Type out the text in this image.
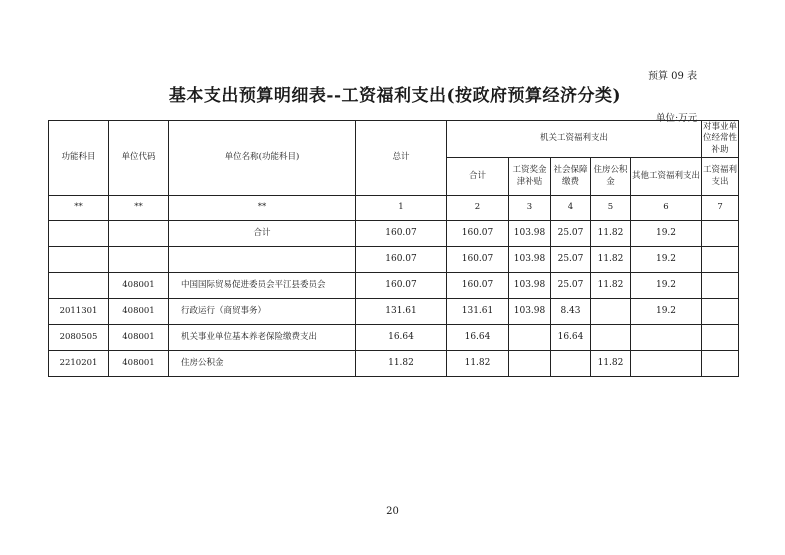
预算 09 表
基本支出预算明细表--工资福利支出(按政府预算经济分类)
单位:万元
功能科目	单位代码	单位名称(功能科目)	总计	机关工资福利支出					对事业单位经常性补助
				合计	工资奖金津补贴	社会保障缴费	住房公积金	其他工资福利支出	工资福利支出
**	**	**	1	2	3	4	5	6	7
		合计	160.07	160.07	103.98	25.07	11.82	19.2	
			160.07	160.07	103.98	25.07	11.82	19.2	
	408001	中国国际贸易促进委员会平江县委员会	160.07	160.07	103.98	25.07	11.82	19.2	
2011301	408001	行政运行（商贸事务）	131.61	131.61	103.98	8.43		19.2	
2080505	408001	机关事业单位基本养老保险缴费支出	16.64	16.64		16.64			
2210201	408001	住房公积金	11.82	11.82			11.82		
20
